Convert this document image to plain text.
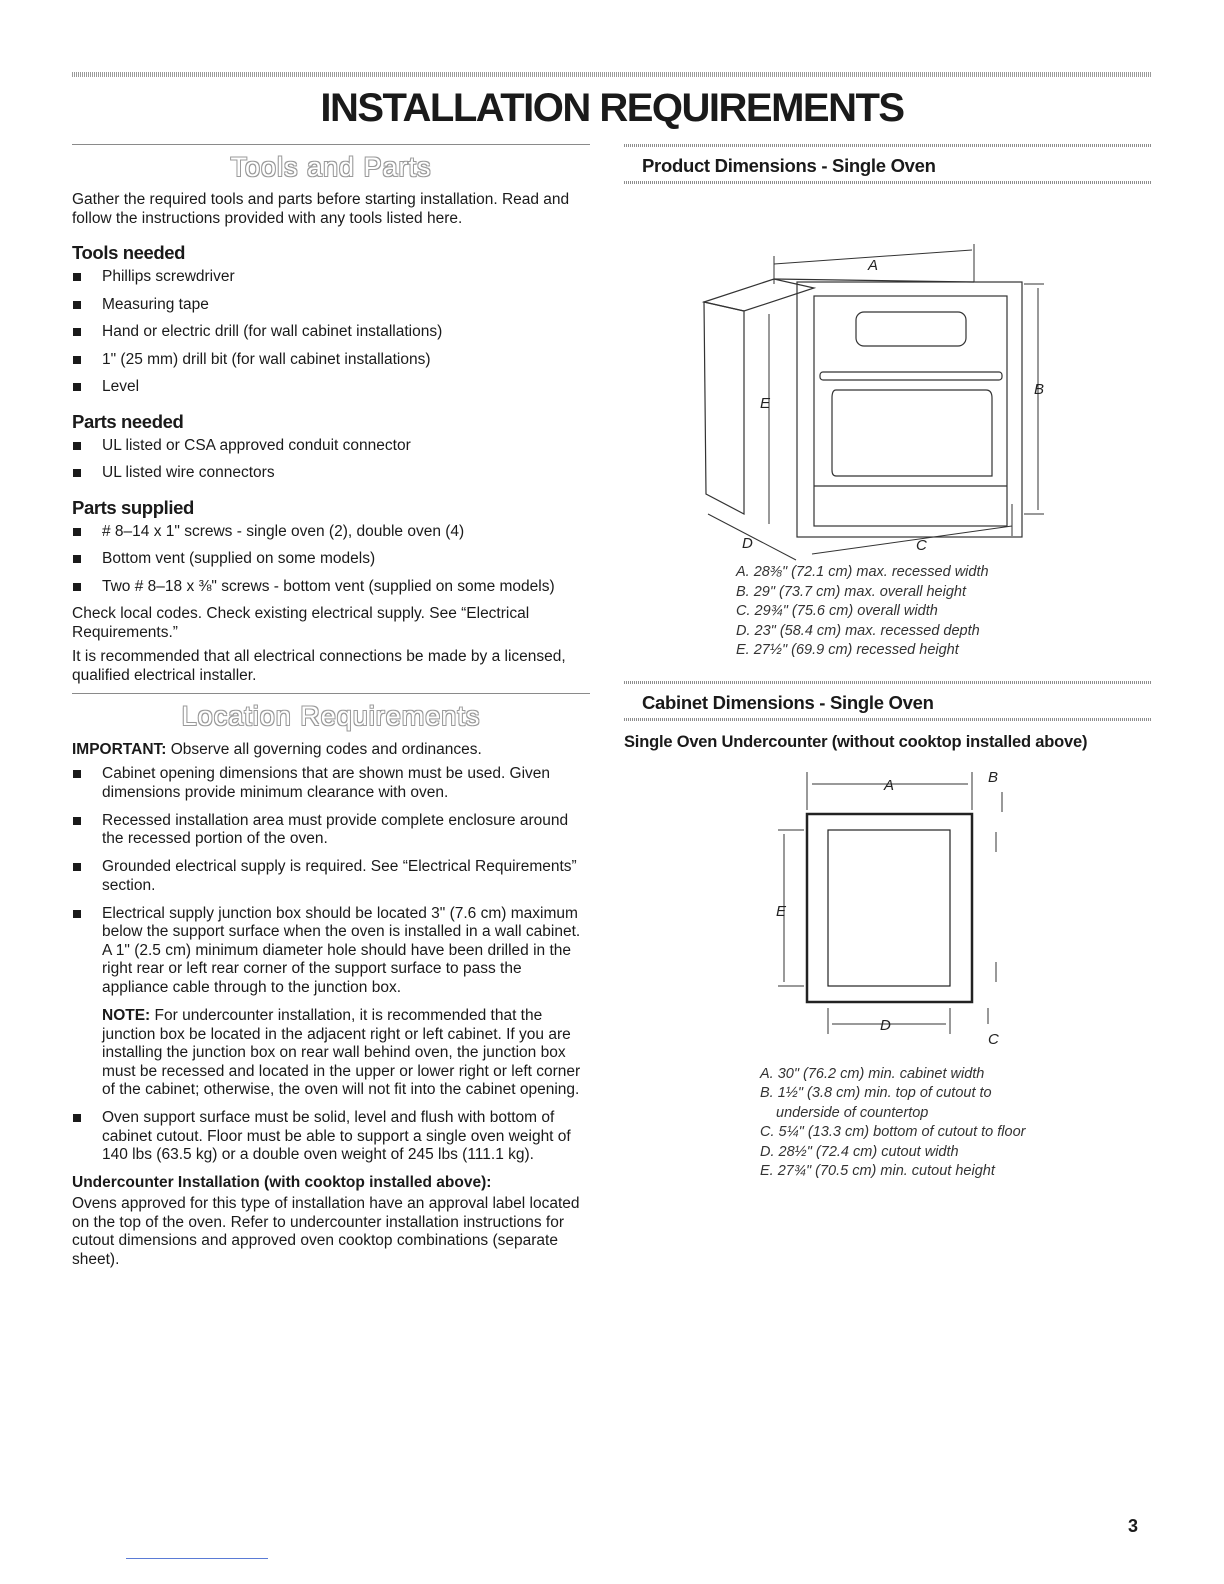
INSTALLATION REQUIREMENTS
Tools and Parts

Gather the required tools and parts before starting installation. Read and follow the instructions provided with any tools listed here.

Tools needed
Phillips screwdriver
Measuring tape
Hand or electric drill (for wall cabinet installations)
1" (25 mm) drill bit (for wall cabinet installations)
Level
Parts needed
UL listed or CSA approved conduit connector
UL listed wire connectors
Parts supplied
# 8–14 x 1" screws - single oven (2), double oven (4)
Bottom vent (supplied on some models)
Two # 8–18 x ⅜" screws - bottom vent (supplied on some models)

Check local codes. Check existing electrical supply. See “Electrical Requirements.”

It is recommended that all electrical connections be made by a licensed, qualified electrical installer.

Location Requirements

IMPORTANT: Observe all governing codes and ordinances.

Cabinet opening dimensions that are shown must be used. Given dimensions provide minimum clearance with oven.
Recessed installation area must provide complete enclosure around the recessed portion of the oven.
Grounded electrical supply is required. See “Electrical Requirements” section.
Electrical supply junction box should be located 3" (7.6 cm) maximum below the support surface when the oven is installed in a wall cabinet. A 1" (2.5 cm) minimum diameter hole should have been drilled in the right rear or left rear corner of the support surface to pass the appliance cable through to the junction box.

NOTE: For undercounter installation, it is recommended that the junction box be located in the adjacent right or left cabinet. If you are installing the junction box on rear wall behind oven, the junction box must be recessed and located in the upper or lower right or left corner of the cabinet; otherwise, the oven will not fit into the cabinet opening.

Oven support surface must be solid, level and flush with bottom of cabinet cutout. Floor must be able to support a single oven weight of 140 lbs (63.5 kg) or a double oven weight of 245 lbs (111.1 kg).
Undercounter Installation (with cooktop installed above):

Ovens approved for this type of installation have an approval label located on the top of the oven. Refer to undercounter installation instructions for cutout dimensions and approved oven cooktop combinations (separate sheet).

Product Dimensions - Single Oven
A
B
C
D
E
A. 28⅜" (72.1 cm) max. recessed width
B. 29" (73.7 cm) max. overall height
C. 29¾" (75.6 cm) overall width
D. 23" (58.4 cm) max. recessed depth
E. 27½" (69.9 cm) recessed height
Cabinet Dimensions - Single Oven
Single Oven Undercounter (without cooktop installed above)
A	B
C
D
E
A. 30" (76.2 cm) min. cabinet width
B. 1½" (3.8 cm) min. top of cutout to
underside of countertop
C. 5¼" (13.3 cm) bottom of cutout to floor
D. 28½" (72.4 cm) cutout width
E. 27¾" (70.5 cm) min. cutout height
3
